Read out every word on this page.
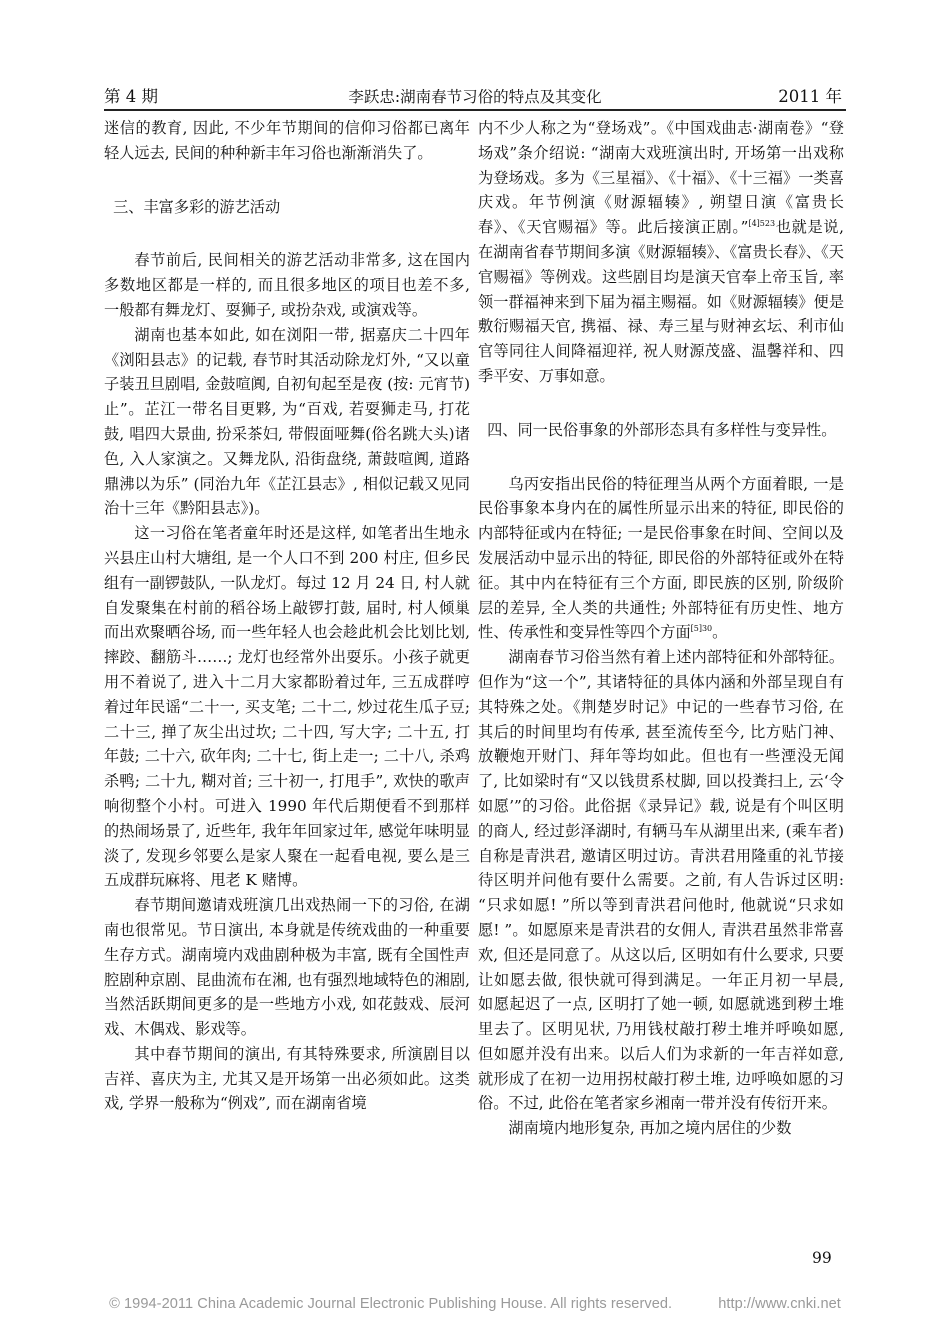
第 4 期	李跃忠:湖南春节习俗的特点及其变化	2011 年

迷信的教育, 因此, 不少年节期间的信仰习俗都已离年轻人远去, 民间的种种新丰年习俗也渐渐消失了。

三、丰富多彩的游艺活动

春节前后, 民间相关的游艺活动非常多, 这在国内多数地区都是一样的, 而且很多地区的项目也差不多, 一般都有舞龙灯、耍狮子, 或扮杂戏, 或演戏等。

湖南也基本如此, 如在浏阳一带, 据嘉庆二十四年《浏阳县志》的记载, 春节时其活动除龙灯外, “又以童子装丑旦剧唱, 金鼓喧阗, 自初旬起至是夜 (按: 元宵节) 止”。芷江一带名目更夥, 为“百戏, 若耍狮走马, 打花鼓, 唱四大景曲, 扮采茶妇, 带假面哑舞(俗名跳大头)诸色, 入人家演之。又舞龙队, 沿街盘绕, 萧鼓喧阗, 道路鼎沸以为乐” (同治九年《芷江县志》, 相似记载又见同治十三年《黔阳县志》)。

这一习俗在笔者童年时还是这样, 如笔者出生地永兴县庄山村大塘组, 是一个人口不到 200 村庄, 但乡民组有一副锣鼓队, 一队龙灯。每过 12 月 24 日, 村人就自发聚集在村前的稻谷场上敲锣打鼓, 届时, 村人倾巢而出欢聚晒谷场, 而一些年轻人也会趁此机会比划比划, 摔跤、翻筋斗……; 龙灯也经常外出耍乐。小孩子就更用不着说了, 进入十二月大家都盼着过年, 三五成群哼着过年民谣“二十一, 买支笔; 二十二, 炒过花生瓜子豆; 二十三, 掸了灰尘出过坎; 二十四, 写大字; 二十五, 打年鼓; 二十六, 砍年肉; 二十七, 街上走一; 二十八, 杀鸡杀鸭; 二十九, 糊对首; 三十初一, 打甩手”, 欢快的歌声响彻整个小村。可进入 1990 年代后期便看不到那样的热闹场景了, 近些年, 我年年回家过年, 感觉年味明显淡了, 发现乡邻要么是家人聚在一起看电视, 要么是三五成群玩麻将、甩老 K 赌博。

春节期间邀请戏班演几出戏热闹一下的习俗, 在湖南也很常见。节日演出, 本身就是传统戏曲的一种重要生存方式。湖南境内戏曲剧种极为丰富, 既有全国性声腔剧种京剧、昆曲流布在湘, 也有强烈地域特色的湘剧, 当然活跃期间更多的是一些地方小戏, 如花鼓戏、辰河戏、木偶戏、影戏等。

其中春节期间的演出, 有其特殊要求, 所演剧目以吉祥、喜庆为主, 尤其又是开场第一出必须如此。这类戏, 学界一般称为“例戏”, 而在湖南省境

内不少人称之为“登场戏”。《中国戏曲志·湖南卷》“登场戏”条介绍说: “湖南大戏班演出时, 开场第一出戏称为登场戏。多为《三星福》、《十福》、《十三福》一类喜庆戏。年节例演《财源辐辏》, 朔望日演《富贵长春》、《天官赐福》等。此后接演正剧。”$^{[4]523}$也就是说, 在湖南省春节期间多演《财源辐辏》、《富贵长春》、《天官赐福》等例戏。这些剧目均是演天官奉上帝玉旨, 率领一群福神来到下届为福主赐福。如《财源辐辏》便是敷衍赐福天官, 携福、禄、寿三星与财神玄坛、利市仙官等同往人间降福迎祥, 祝人财源茂盛、温馨祥和、四季平安、万事如意。

四、同一民俗事象的外部形态具有多样性与变异性。

乌丙安指出民俗的特征理当从两个方面着眼, 一是民俗事象本身内在的属性所显示出来的特征, 即民俗的内部特征或内在特征; 一是民俗事象在时间、空间以及发展活动中显示出的特征, 即民俗的外部特征或外在特征。其中内在特征有三个方面, 即民族的区别, 阶级阶层的差异, 全人类的共通性; 外部特征有历史性、地方性、传承性和变异性等四个方面$^{[5]30}$。

湖南春节习俗当然有着上述内部特征和外部特征。但作为“这一个”, 其诸特征的具体内涵和外部呈现自有其特殊之处。《荆楚岁时记》中记的一些春节习俗, 在其后的时间里均有传承, 甚至流传至今, 比方贴门神、放鞭炮开财门、拜年等均如此。但也有一些湮没无闻了, 比如梁时有“又以钱贯系杖脚, 回以投粪扫上, 云‘令如愿’”的习俗。此俗据《录异记》载, 说是有个叫区明的商人, 经过彭泽湖时, 有辆马车从湖里出来, (乘车者)自称是青洪君, 邀请区明过访。青洪君用隆重的礼节接待区明并问他有要什么需要。之前, 有人告诉过区明: “只求如愿! ”所以等到青洪君问他时, 他就说“只求如愿! ”。如愿原来是青洪君的女佣人, 青洪君虽然非常喜欢, 但还是同意了。从这以后, 区明如有什么要求, 只要让如愿去做, 很快就可得到满足。一年正月初一早晨, 如愿起迟了一点, 区明打了她一顿, 如愿就逃到秽土堆里去了。区明见状, 乃用钱杖敲打秽土堆并呼唤如愿, 但如愿并没有出来。以后人们为求新的一年吉祥如意, 就形成了在初一边用拐杖敲打秽土堆, 边呼唤如愿的习俗。不过, 此俗在笔者家乡湘南一带并没有传衍开来。

湖南境内地形复杂, 再加之境内居住的少数

99
© 1994-2011 China Academic Journal Electronic Publishing House. All rights reserved.	http://www.cnki.net
